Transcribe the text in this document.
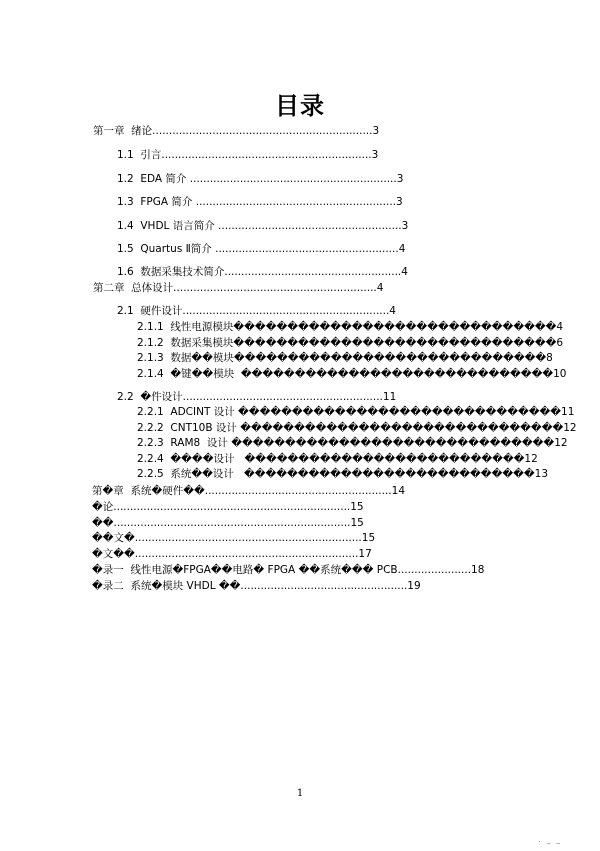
目录
第一章  绪论..................................................................3
1.1  引言...............................................................3
1.2  EDA 简介 ..............................................................3
1.3  FPGA 简介 ............................................................3
1.4  VHDL 语言简介 .......................................................3
1.5  Quartus Ⅱ简介 .......................................................4
1.6  数据采集技术简介.....................................................4
第二章  总体设计.............................................................4
2.1  硬件设计..............................................................4
2.1.1  线性电源模块������������������������������4
2.1.2  数据采集模块������������������������������6
2.1.3  数据��模块�����������������������������8
2.1.4  �键��模块  �����������������������������10
2.2  �件设计............................................................11
2.2.1  ADCINT 设计 ������������������������������11
2.2.2  CNT10B 设计 ������������������������������12
2.2.3  RAM8  设计 ������������������������������12
2.2.4  ����设计   ��������������������������12
2.2.5  系统��设计   ���������������������������13
第�章  系统�硬件��........................................................14
�论.......................................................................15
��.......................................................................15
��文�....................................................................15
�文��...................................................................17
�录一  线性电源�FPGA��电路� FPGA ��系统��� PCB......................18
�录二  系统�模块 VHDL ��..................................................19
1
. _ _
